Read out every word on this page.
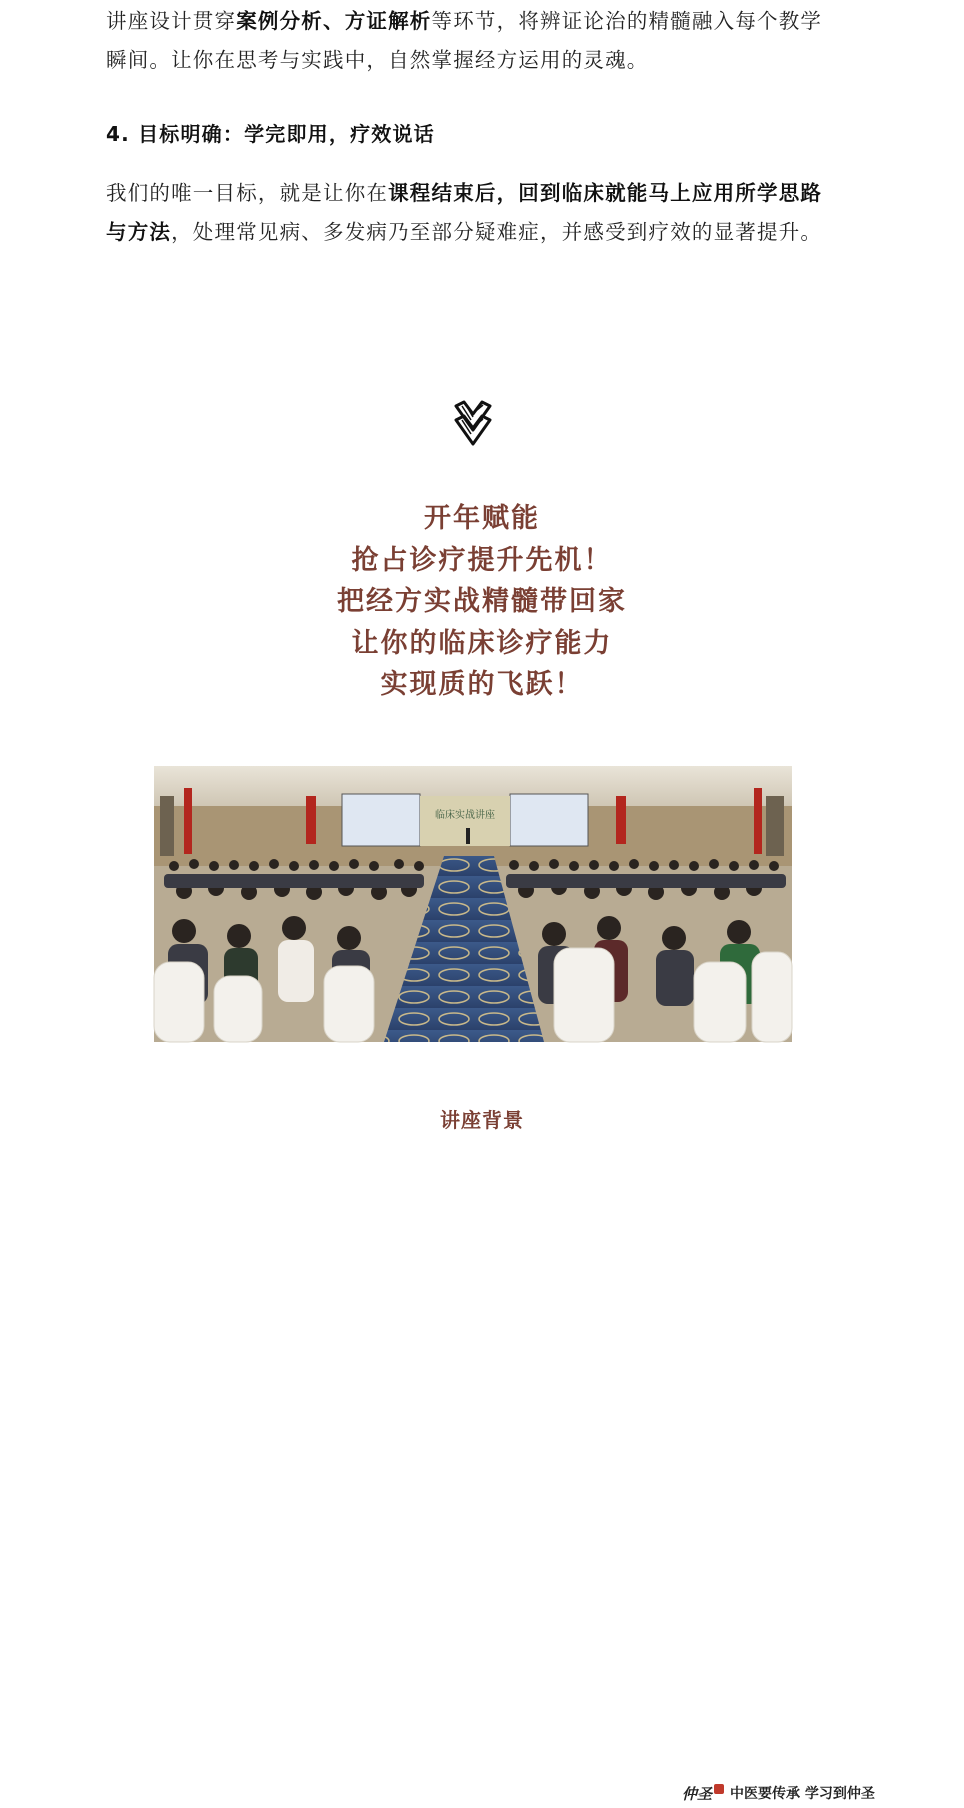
讲座设计贯穿案例分析、方证解析等环节，将辨证论治的精髓融入每个教学瞬间。让你在思考与实践中，自然掌握经方运用的灵魂。

4. 目标明确：学完即用，疗效说话

我们的唯一目标，就是让你在课程结束后，回到临床就能马上应用所学思路与方法，处理常见病、多发病乃至部分疑难症，并感受到疗效的显著提升。

开年赋能
抢占诊疗提升先机！
把经方实战精髓带回家
让你的临床诊疗能力
实现质的飞跃！
临床实战讲座
仲圣 中医要传承 学习到仲圣
讲座背景
